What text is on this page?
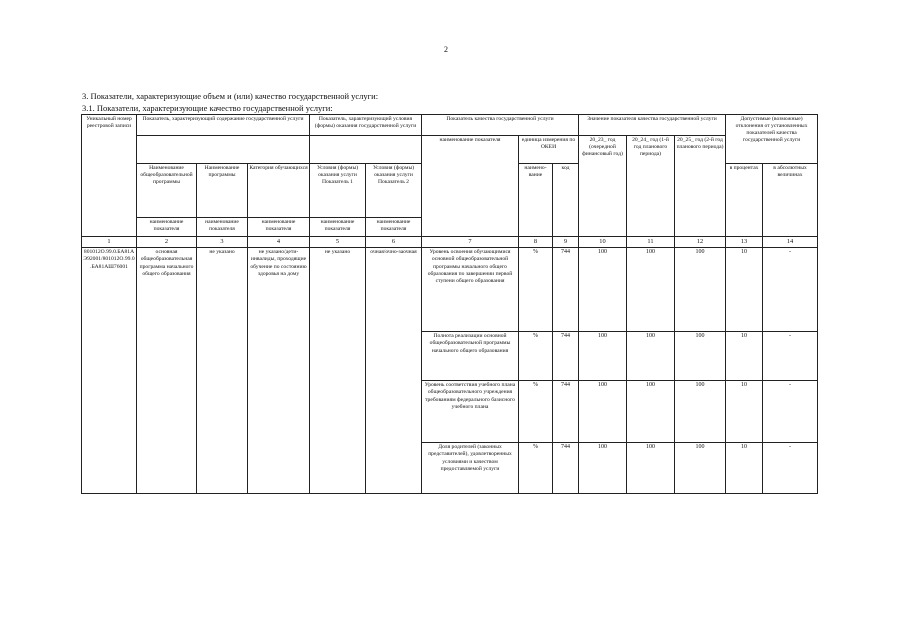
2
3. Показатели, характеризующие объем и (или) качество государственной услуги:
3.1. Показатели, характеризующие качество государственной услуги:
Уникальный номер реестровой записи	Показатель, характеризующий содержание государственной услуги			Показатель, характеризующий условия (формы) оказания государственной услуги		Показатель качества государственной услуги			Значение показателя качества государственной услуги			Допустимые (возможные) отклонения от установленных показателей качества государственной услуги	
						наименование показателя	единица измерения по ОКЕИ		20_23_ год (очередной финансовый год)	20_24_ год (1-й год планового периода)	20_25_ год (2-й год планового периода)		
	Наименование общеобразовательной программы	Наименование программы	Категория обучающихся	Условия (формы) оказания услуги Показатель 1	Условия (формы) оказания услуги Показатель 2		наимено-вание	код				в процентах	в абсолютных величинах
	наименование показателя	наименование показателя	наименование показателя	наименование показателя	наименование показателя								
1	2	3	4	5	6	7	8	9	10	11	12	13	14
801012О.99.0.БА81АЭ92001/801012О.99.0.БА81АШ76001	основная общеобразовательная программа начального общего образования	не указано	не указано/дети-инвалиды, проходящие обучение по состоянию здоровья на дому	не указано	очная/очно-заочная	Уровень освоения обучающимися основной общеобразовательной программы начального общего образования по завершении первой ступени общего образования	%	744	100	100	100	10	-
						Полнота реализации основной общеобразовательной программы начального общего образования	%	744	100	100	100	10	-
						Уровень соответствия учебного плана общеобразовательного учреждения требованиям федерального базисного учебного плана	%	744	100	100	100	10	-
						Доля родителей (законных представителей), удовлетворенных условиями и качеством предоставляемой услуги	%	744	100	100	100	10	-
